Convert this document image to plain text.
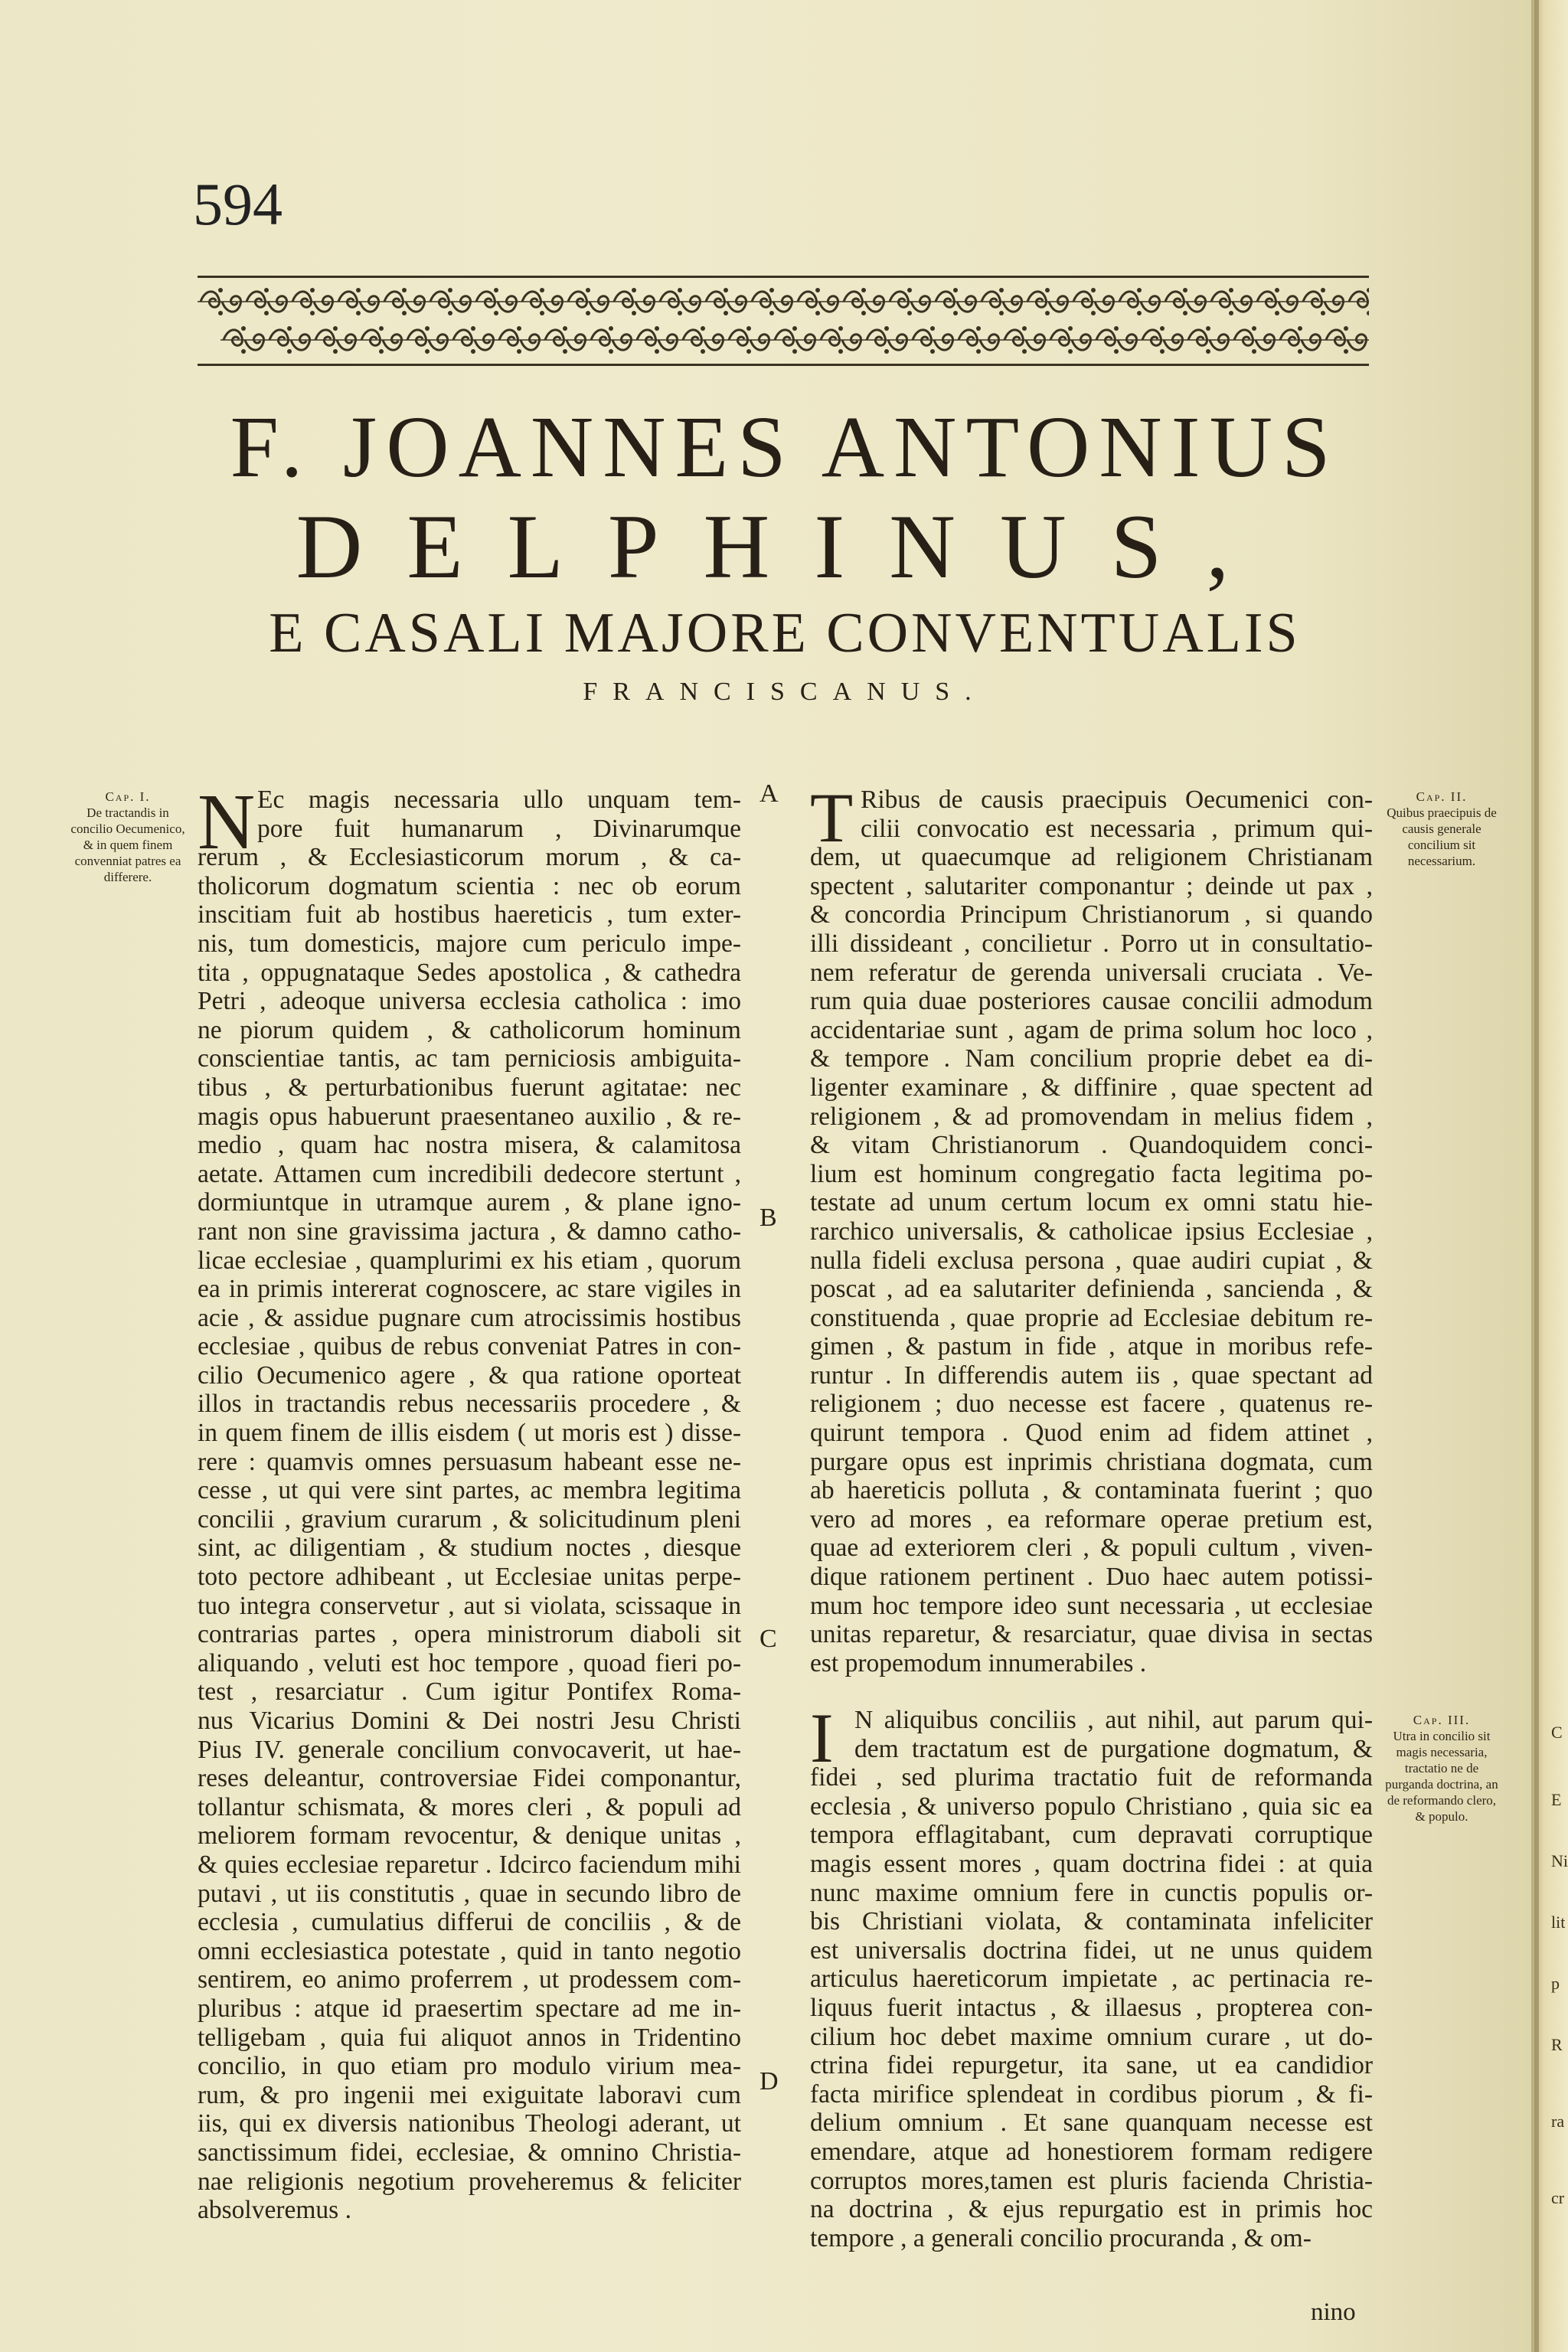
C
E
Ni
lit
p
R
ra
cr
594
F. JOANNES ANTONIUS
DELPHINUS,
E CASALI MAJORE CONVENTUALIS
FRANCISCANUS.
Cap. I.
De tractandis in concilio Oecumenico, & in quem finem convenniat patres ea differere.
Cap. II.
Quibus praecipuis de causis generale concilium sit necessarium.
Cap. III.
Utra in concilio sit magis necessaria, tractatio ne de purganda doctrina, an de reformando clero, & populo.
A
B
C
D
N	T
I
Ec magis necessaria ullo unquam tem-
pore fuit humanarum , Divinarumque
rerum , & Ecclesiasticorum morum , & ca-
tholicorum dogmatum scientia : nec ob eorum
inscitiam fuit ab hostibus haereticis , tum exter-
nis, tum domesticis, majore cum periculo impe-
tita , oppugnataque Sedes apostolica , & cathedra
Petri , adeoque universa ecclesia catholica : imo
ne piorum quidem , & catholicorum hominum
conscientiae tantis, ac tam perniciosis ambiguita-
tibus , & perturbationibus fuerunt agitatae: nec
magis opus habuerunt praesentaneo auxilio , & re-
medio , quam hac nostra misera, & calamitosa
aetate. Attamen cum incredibili dedecore stertunt ,
dormiuntque in utramque aurem , & plane igno-
rant non sine gravissima jactura , & damno catho-
licae ecclesiae , quamplurimi ex his etiam , quorum
ea in primis intererat cognoscere, ac stare vigiles in
acie , & assidue pugnare cum atrocissimis hostibus
ecclesiae , quibus de rebus conveniat Patres in con-
cilio Oecumenico agere , & qua ratione oporteat
illos in tractandis rebus necessariis procedere , &
in quem finem de illis eisdem ( ut moris est ) disse-
rere : quamvis omnes persuasum habeant esse ne-
cesse , ut qui vere sint partes, ac membra legitima
concilii , gravium curarum , & solicitudinum pleni
sint, ac diligentiam , & studium noctes , diesque
toto pectore adhibeant , ut Ecclesiae unitas perpe-
tuo integra conservetur , aut si violata, scissaque in
contrarias partes , opera ministrorum diaboli sit
aliquando , veluti est hoc tempore , quoad fieri po-
test , resarciatur . Cum igitur Pontifex Roma-
nus Vicarius Domini & Dei nostri Jesu Christi
Pius IV. generale concilium convocaverit, ut hae-
reses deleantur, controversiae Fidei componantur,
tollantur schismata, & mores cleri , & populi ad
meliorem formam revocentur, & denique unitas ,
& quies ecclesiae reparetur . Idcirco faciendum mihi
putavi , ut iis constitutis , quae in secundo libro de
ecclesia , cumulatius differui de conciliis , & de
omni ecclesiastica potestate , quid in tanto negotio
sentirem, eo animo proferrem , ut prodessem com-
pluribus : atque id praesertim spectare ad me in-
telligebam , quia fui aliquot annos in Tridentino
concilio, in quo etiam pro modulo virium mea-
rum, & pro ingenii mei exiguitate laboravi cum
iis, qui ex diversis nationibus Theologi aderant, ut
sanctissimum fidei, ecclesiae, & omnino Christia-
nae religionis negotium proveheremus & feliciter
absolveremus .
Ribus de causis praecipuis Oecumenici con-
cilii convocatio est necessaria , primum qui-
dem, ut quaecumque ad religionem Christianam
spectent , salutariter componantur ; deinde ut pax ,
& concordia Principum Christianorum , si quando
illi dissideant , concilietur . Porro ut in consultatio-
nem referatur de gerenda universali cruciata . Ve-
rum quia duae posteriores causae concilii admodum
accidentariae sunt , agam de prima solum hoc loco ,
& tempore . Nam concilium proprie debet ea di-
ligenter examinare , & diffinire , quae spectent ad
religionem , & ad promovendam in melius fidem ,
& vitam Christianorum . Quandoquidem conci-
lium est hominum congregatio facta legitima po-
testate ad unum certum locum ex omni statu hie-
rarchico universalis, & catholicae ipsius Ecclesiae ,
nulla fideli exclusa persona , quae audiri cupiat , &
poscat , ad ea salutariter definienda , sancienda , &
constituenda , quae proprie ad Ecclesiae debitum re-
gimen , & pastum in fide , atque in moribus refe-
runtur . In differendis autem iis , quae spectant ad
religionem ; duo necesse est facere , quatenus re-
quirunt tempora . Quod enim ad fidem attinet ,
purgare opus est inprimis christiana dogmata, cum
ab haereticis polluta , & contaminata fuerint ; quo
vero ad mores , ea reformare operae pretium est,
quae ad exteriorem cleri , & populi cultum , viven-
dique rationem pertinent . Duo haec autem potissi-
mum hoc tempore ideo sunt necessaria , ut ecclesiae
unitas reparetur, & resarciatur, quae divisa in sectas
est propemodum innumerabiles .
N aliquibus conciliis , aut nihil, aut parum qui-
dem tractatum est de purgatione dogmatum, &
fidei , sed plurima tractatio fuit de reformanda
ecclesia , & universo populo Christiano , quia sic ea
tempora efflagitabant, cum depravati corruptique
magis essent mores , quam doctrina fidei : at quia
nunc maxime omnium fere in cunctis populis or-
bis Christiani violata, & contaminata infeliciter
est universalis doctrina fidei, ut ne unus quidem
articulus haereticorum impietate , ac pertinacia re-
liquus fuerit intactus , & illaesus , propterea con-
cilium hoc debet maxime omnium curare , ut do-
ctrina fidei repurgetur, ita sane, ut ea candidior
facta mirifice splendeat in cordibus piorum , & fi-
delium omnium . Et sane quanquam necesse est
emendare, atque ad honestiorem formam redigere
corruptos mores,tamen est pluris facienda Christia-
na doctrina , & ejus repurgatio est in primis hoc
tempore , a generali concilio procuranda , & om-
nino
